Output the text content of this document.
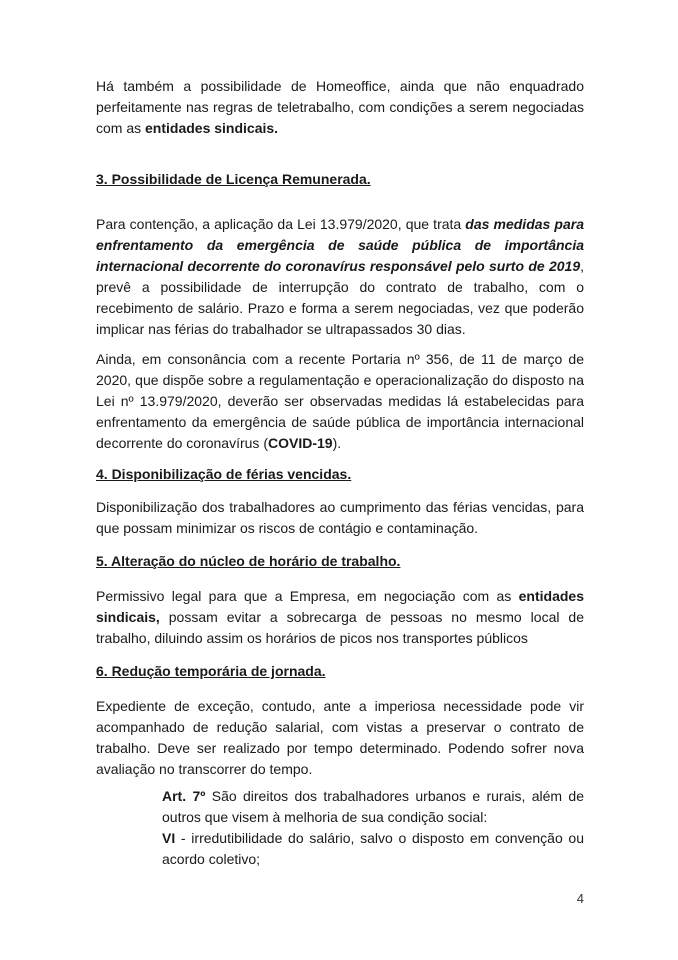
Há também a possibilidade de Homeoffice, ainda que não enquadrado perfeitamente nas regras de teletrabalho, com condições a serem negociadas com as entidades sindicais.

3. Possibilidade de Licença Remunerada.

Para contenção, a aplicação da Lei 13.979/2020, que trata das medidas para enfrentamento da emergência de saúde pública de importância internacional decorrente do coronavírus responsável pelo surto de 2019, prevê a possibilidade de interrupção do contrato de trabalho, com o recebimento de salário. Prazo e forma a serem negociadas, vez que poderão implicar nas férias do trabalhador se ultrapassados 30 dias.

Ainda, em consonância com a recente Portaria nº 356, de 11 de março de 2020, que dispõe sobre a regulamentação e operacionalização do disposto na Lei nº 13.979/2020, deverão ser observadas medidas lá estabelecidas para enfrentamento da emergência de saúde pública de importância internacional decorrente do coronavírus (COVID-19).

4. Disponibilização de férias vencidas.

Disponibilização dos trabalhadores ao cumprimento das férias vencidas, para que possam minimizar os riscos de contágio e contaminação.

5. Alteração do núcleo de horário de trabalho.

Permissivo legal para que a Empresa, em negociação com as entidades sindicais, possam evitar a sobrecarga de pessoas no mesmo local de trabalho, diluindo assim os horários de picos nos transportes públicos

6. Redução temporária de jornada.

Expediente de exceção, contudo, ante a imperiosa necessidade pode vir acompanhado de redução salarial, com vistas a preservar o contrato de trabalho. Deve ser realizado por tempo determinado. Podendo sofrer nova avaliação no transcorrer do tempo.

Art. 7º São direitos dos trabalhadores urbanos e rurais, além de outros que visem à melhoria de sua condição social:

VI - irredutibilidade do salário, salvo o disposto em convenção ou acordo coletivo;

4
